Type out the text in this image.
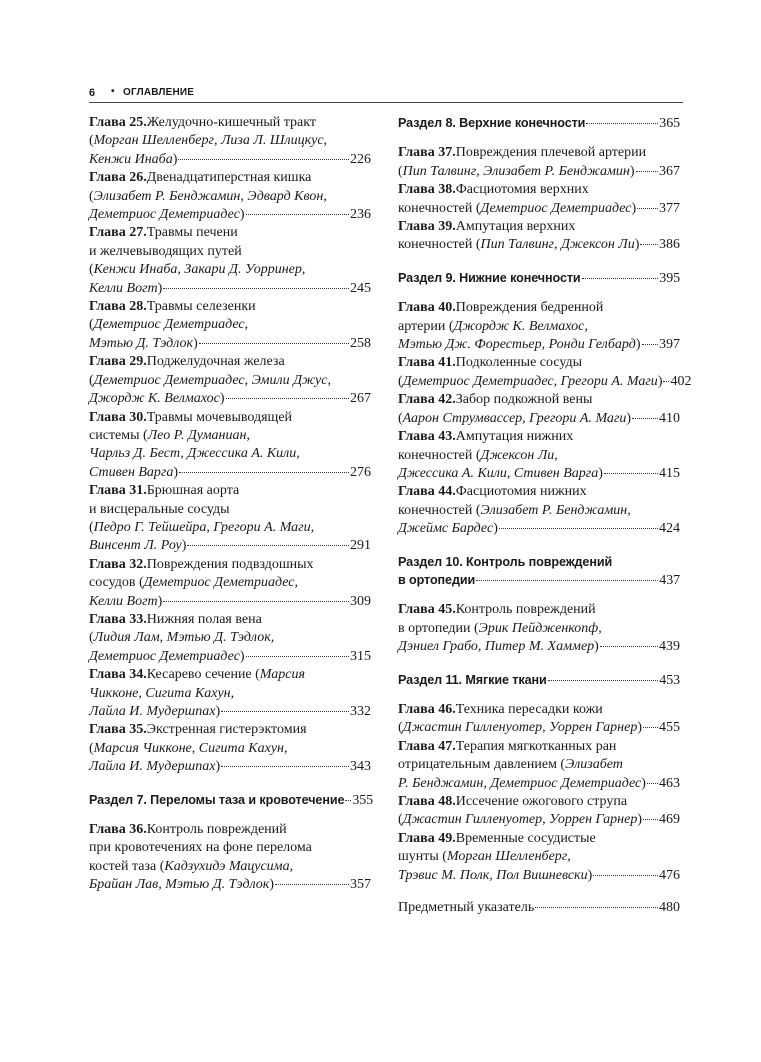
6 • ОГЛАВЛЕНИЕ
Глава 25. Желудочно-кишечный тракт
( Морган Шелленберг, Лиза Л. Шлицкус,
Кенжи Инаба)	226
Глава 26. Двенадцатиперстная кишка
( Элизабет Р. Бенджамин, Эдвард Квон,
Деметриос Деметриадес)	236
Глава 27. Травмы печени
и желчевыводящих путей
( Кенжи Инаба, Закари Д. Уорринер,
Келли Вогт)	245
Глава 28. Травмы селезенки
( Деметриос Деметриадес,
Мэтью Д. Тэдлок)	258
Глава 29. Поджелудочная железа
( Деметриос Деметриадес, Эмили Джус,
Джордж К. Велмахос)	267
Глава 30. Травмы мочевыводящей
системы ( Лео Р. Думаниан,
Чарльз Д. Бест, Джессика А. Кили,
Стивен Варга)	276
Глава 31. Брюшная аорта
и висцеральные сосуды
( Педро Г. Тейшейра, Грегори А. Маги,
Винсент Л. Роу)	291
Глава 32. Повреждения подвздошных
сосудов ( Деметриос Деметриадес,
Келли Вогт)	309
Глава 33. Нижняя полая вена
( Лидия Лам, Мэтью Д. Тэдлок,
Деметриос Деметриадес)	315
Глава 34. Кесарево сечение ( Марсия
Чикконе, Сигита Кахун,
Лайла И. Мудершпах)	332
Глава 35. Экстренная гистерэктомия
( Марсия Чикконе, Сигита Кахун,
Лайла И. Мудершпах)	343
Раздел 7. Переломы таза и кровотечение 355
Глава 36. Контроль повреждений
при кровотечениях на фоне перелома
костей таза ( Кадзухидэ Мацусима,
Брайан Лав, Мэтью Д. Тэдлок)	357
Раздел 8. Верхние конечности	365
Глава 37. Повреждения плечевой артерии
(Пип Талвинг, Элизабет Р. Бенджамин) 367
Глава 38. Фасциотомия верхних
конечностей (Деметриос Деметриадес) 377
Глава 39. Ампутация верхних
конечностей (Пип Талвинг, Джексон Ли) 386
Раздел 9. Нижние конечности	395
Глава 40. Повреждения бедренной
артерии ( Джордж К. Велмахос,
Мэтью Дж. Форестьер, Ронди Гелбард) 397
Глава 41. Подколенные сосуды
(Деметриос Деметриадес, Грегори А. Маги) 402
Глава 42. Забор подкожной вены
(Аарон Струмвассер, Грегори А. Маги) 410
Глава 43. Ампутация нижних
конечностей ( Джексон Ли,
Джессика А. Кили, Стивен Варга)	415
Глава 44. Фасциотомия нижних
конечностей ( Элизабет Р. Бенджамин,
Джеймс Бардес)	424
Раздел 10. Контроль повреждений
в ортопедии	437
Глава 45. Контроль повреждений
в ортопедии ( Эрик Пейдженкопф,
Дэниел Грабо, Питер М. Хаммер)	439
Раздел 11. Мягкие ткани	453
Глава 46. Техника пересадки кожи
(Джастин Гилленуотер, Уоррен Гарнер) 455
Глава 47. Терапия мягкотканных ран
отрицательным давлением ( Элизабет
Р. Бенджамин, Деметриос Деметриадес) 463
Глава 48. Иссечение ожогового струпа
(Джастин Гилленуотер, Уоррен Гарнер) 469
Глава 49. Временные сосудистые
шунты ( Морган Шелленберг,
Трэвис М. Полк, Пол Вишневски)	476
Предметный указатель	480
